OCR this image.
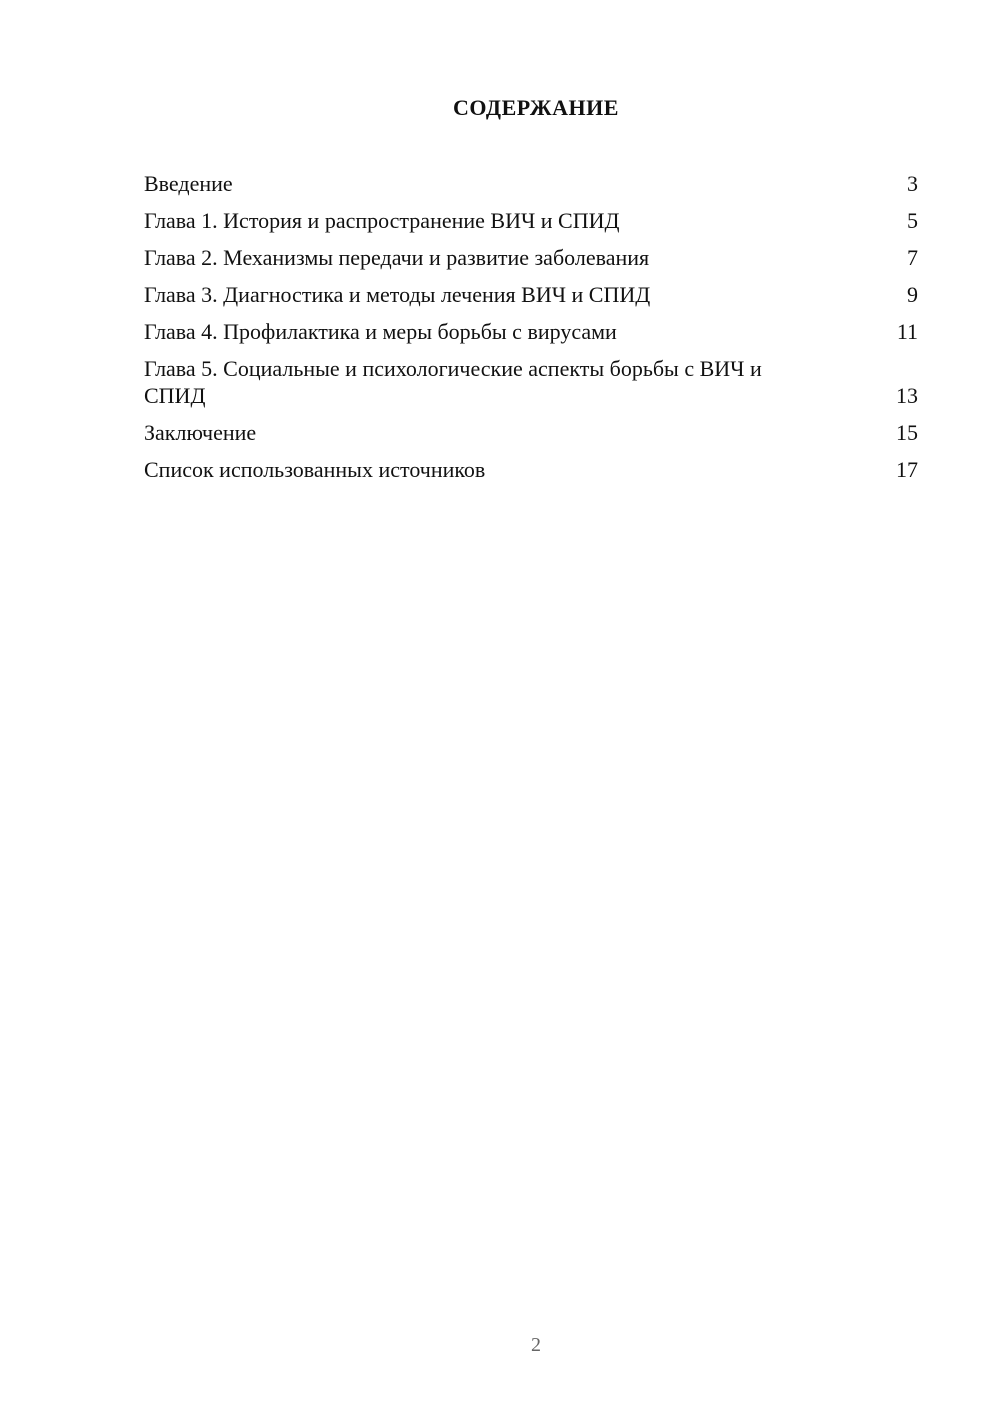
СОДЕРЖАНИЕ
Введение	3
Глава 1. История и распространение ВИЧ и СПИД	5
Глава 2. Механизмы передачи и развитие заболевания	7
Глава 3. Диагностика и методы лечения ВИЧ и СПИД	9
Глава 4. Профилактика и меры борьбы с вирусами	11
Глава 5. Социальные и психологические аспекты борьбы с ВИЧ и СПИД	13
Заключение	15
Список использованных источников	17
2
